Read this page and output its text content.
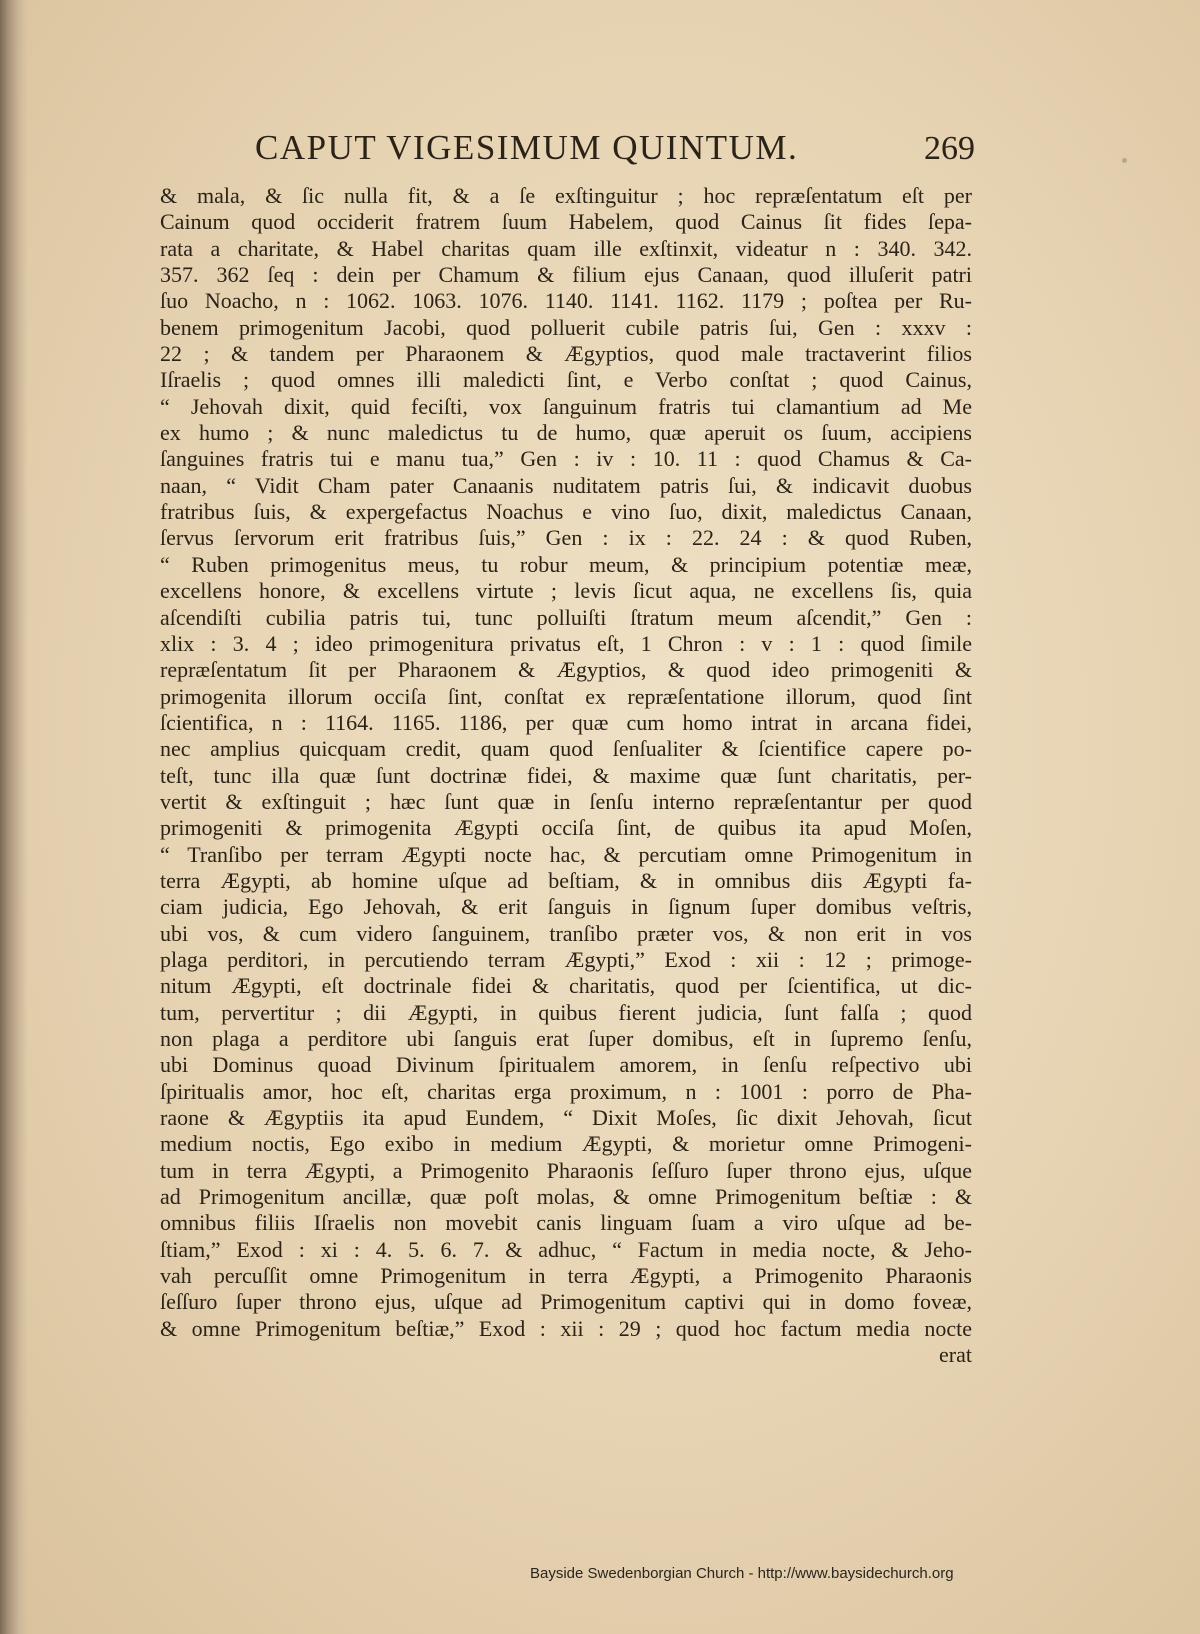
CAPUT VIGESIMUM QUINTUM.	269
& mala, & ſic nulla fit, & a ſe exſtinguitur ; hoc repræſentatum eſt per
Cainum quod occiderit fratrem ſuum Habelem, quod Cainus ſit fides ſepa-
rata a charitate, & Habel charitas quam ille exſtinxit, videatur n : 340. 342.
357. 362 ſeq : dein per Chamum & filium ejus Canaan, quod illuſerit patri
ſuo Noacho, n : 1062. 1063. 1076. 1140. 1141. 1162. 1179 ; poſtea per Ru-
benem primogenitum Jacobi, quod polluerit cubile patris ſui, Gen : xxxv :
22 ; & tandem per Pharaonem & Ægyptios, quod male tractaverint filios
Iſraelis ; quod omnes illi maledicti ſint, e Verbo conſtat ; quod Cainus,
“ Jehovah dixit, quid feciſti, vox ſanguinum fratris tui clamantium ad Me
ex humo ; & nunc maledictus tu de humo, quæ aperuit os ſuum, accipiens
ſanguines fratris tui e manu tua,” Gen : iv : 10. 11 : quod Chamus & Ca-
naan, “ Vidit Cham pater Canaanis nuditatem patris ſui, & indicavit duobus
fratribus ſuis, & expergefactus Noachus e vino ſuo, dixit, maledictus Canaan,
ſervus ſervorum erit fratribus ſuis,” Gen : ix : 22. 24 : & quod Ruben,
“ Ruben primogenitus meus, tu robur meum, & principium potentiæ meæ,
excellens honore, & excellens virtute ; levis ſicut aqua, ne excellens ſis, quia
aſcendiſti cubilia patris tui, tunc polluiſti ſtratum meum aſcendit,” Gen :
xlix : 3. 4 ; ideo primogenitura privatus eſt, 1 Chron : v : 1 : quod ſimile
repræſentatum ſit per Pharaonem & Ægyptios, & quod ideo primogeniti &
primogenita illorum occiſa ſint, conſtat ex repræſentatione illorum, quod ſint
ſcientifica, n : 1164. 1165. 1186, per quæ cum homo intrat in arcana fidei,
nec amplius quicquam credit, quam quod ſenſualiter & ſcientifice capere po-
teſt, tunc illa quæ ſunt doctrinæ fidei, & maxime quæ ſunt charitatis, per-
vertit & exſtinguit ; hæc ſunt quæ in ſenſu interno repræſentantur per quod
primogeniti & primogenita Ægypti occiſa ſint, de quibus ita apud Moſen,
“ Tranſibo per terram Ægypti nocte hac, & percutiam omne Primogenitum in
terra Ægypti, ab homine uſque ad beſtiam, & in omnibus diis Ægypti fa-
ciam judicia, Ego Jehovah, & erit ſanguis in ſignum ſuper domibus veſtris,
ubi vos, & cum videro ſanguinem, tranſibo præter vos, & non erit in vos
plaga perditori, in percutiendo terram Ægypti,” Exod : xii : 12 ; primoge-
nitum Ægypti, eſt doctrinale fidei & charitatis, quod per ſcientifica, ut dic-
tum, pervertitur ; dii Ægypti, in quibus fierent judicia, ſunt falſa ; quod
non plaga a perditore ubi ſanguis erat ſuper domibus, eſt in ſupremo ſenſu,
ubi Dominus quoad Divinum ſpiritualem amorem, in ſenſu reſpectivo ubi
ſpiritualis amor, hoc eſt, charitas erga proximum, n : 1001 : porro de Pha-
raone & Ægyptiis ita apud Eundem, “ Dixit Moſes, ſic dixit Jehovah, ſicut
medium noctis, Ego exibo in medium Ægypti, & morietur omne Primogeni-
tum in terra Ægypti, a Primogenito Pharaonis ſeſſuro ſuper throno ejus, uſque
ad Primogenitum ancillæ, quæ poſt molas, & omne Primogenitum beſtiæ : &
omnibus filiis Iſraelis non movebit canis linguam ſuam a viro uſque ad be-
ſtiam,” Exod : xi : 4. 5. 6. 7. & adhuc, “ Factum in media nocte, & Jeho-
vah percuſſit omne Primogenitum in terra Ægypti, a Primogenito Pharaonis
ſeſſuro ſuper throno ejus, uſque ad Primogenitum captivi qui in domo foveæ,
& omne Primogenitum beſtiæ,” Exod : xii : 29 ; quod hoc factum media nocte
erat
Bayside Swedenborgian Church - http://www.baysidechurch.org
